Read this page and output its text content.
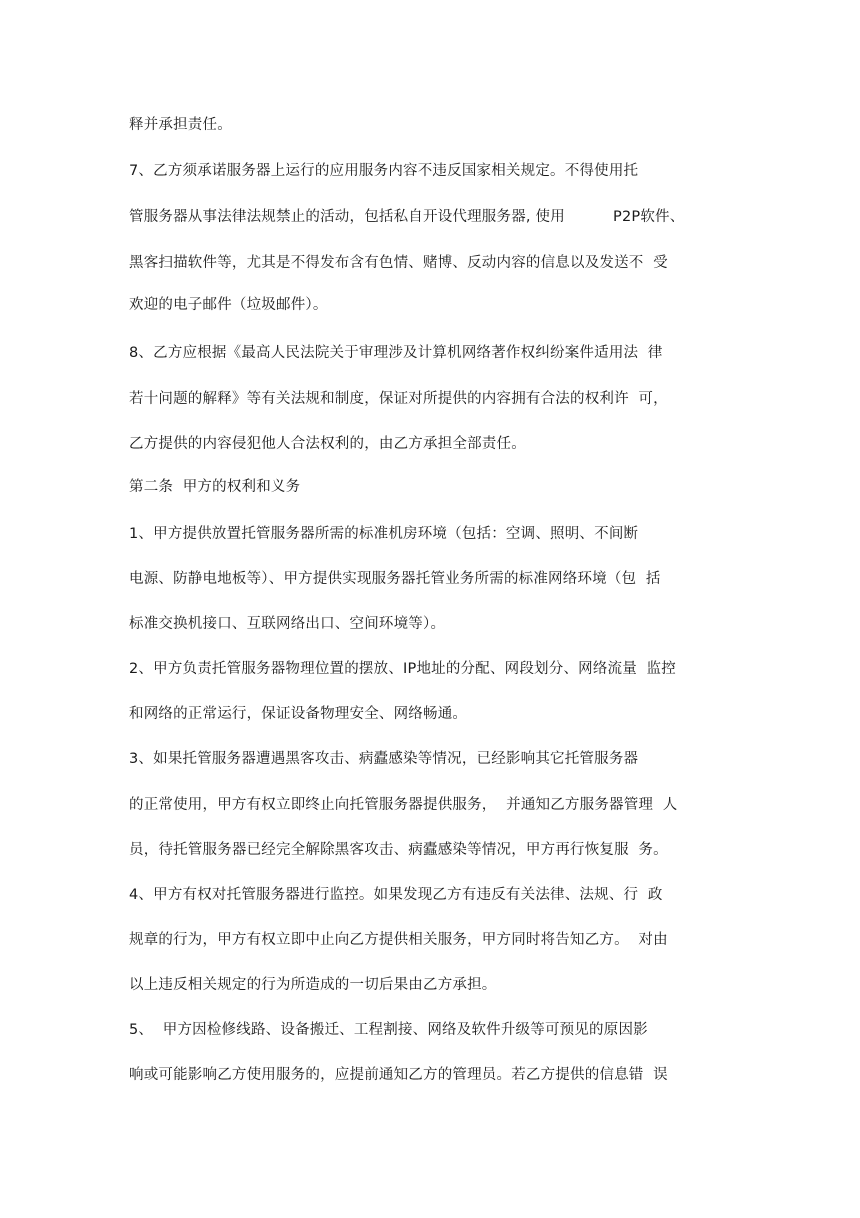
释并承担责任。
7、乙方须承诺服务器上运行的应用服务内容不违反国家相关规定。不得使用托
管服务器从事法律法规禁止的活动，包括私自开设代理服务器, 使用          P2P软件、
黑客扫描软件等，尤其是不得发布含有色情、赌博、反动内容的信息以及发送不  受
欢迎的电子邮件（垃圾邮件）。
8、乙方应根据《最高人民法院关于审理涉及计算机网络著作权纠纷案件适用法  律
若十问题的解释》等有关法规和制度，保证对所提供的内容拥有合法的权利许  可，
乙方提供的内容侵犯他人合法权利的，由乙方承担全部责任。
第二条  甲方的权利和义务
1、甲方提供放置托管服务器所需的标准机房环境（包括：空调、照明、不间断
电源、防静电地板等）、甲方提供实现服务器托管业务所需的标准网络环境（包  括
标准交换机接口、互联网络出口、空间环境等）。
2、甲方负责托管服务器物理位置的摆放、IP地址的分配、网段划分、网络流量  监控
和网络的正常运行，保证设备物理安全、网络畅通。
3、如果托管服务器遭遇黑客攻击、病蠹感染等情况，已经影响其它托管服务器
的正常使用，甲方有权立即终止向托管服务器提供服务，  并通知乙方服务器管理  人
员，待托管服务器已经完全解除黑客攻击、病蠹感染等情况，甲方再行恢复服  务。
4、甲方有权对托管服务器进行监控。如果发现乙方有违反有关法律、法规、行  政
规章的行为，甲方有权立即中止向乙方提供相关服务，甲方同时将告知乙方。  对由
以上违反相关规定的行为所造成的一切后果由乙方承担。
5、  甲方因检修线路、设备搬迁、工程割接、网络及软件升级等可预见的原因影
响或可能影响乙方使用服务的，应提前通知乙方的管理员。若乙方提供的信息错  误
